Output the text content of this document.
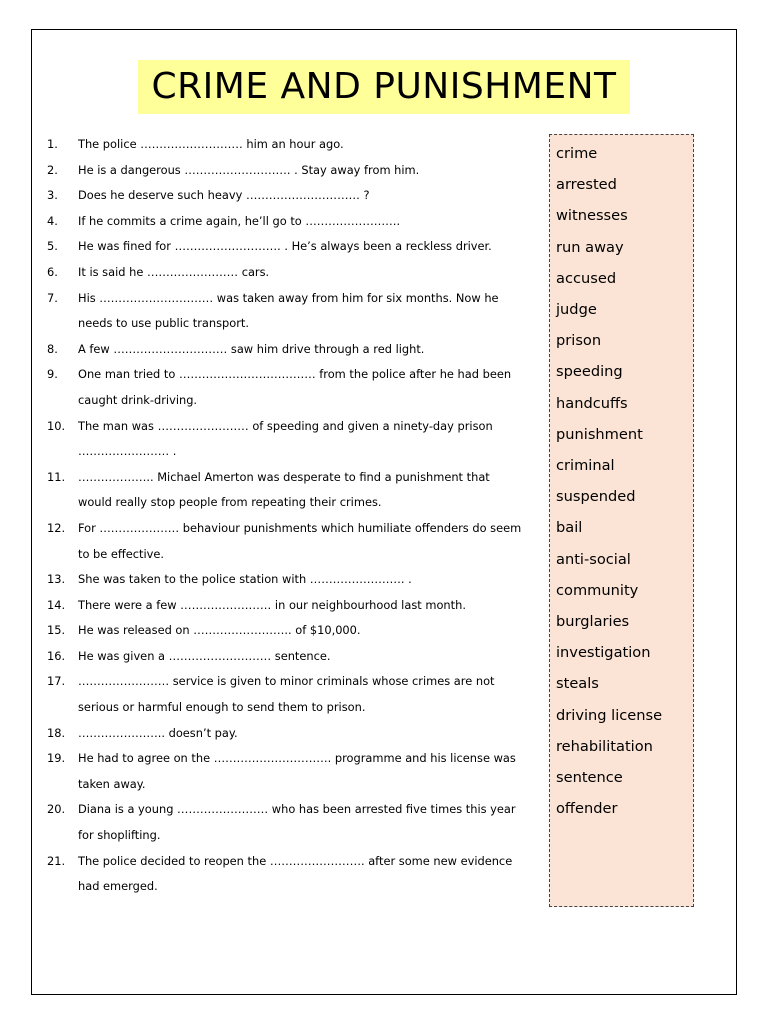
CRIME AND PUNISHMENT
1.	The police ……………………… him an hour ago.
2.	He is a dangerous ………………………. . Stay away from him.
3.	Does he deserve such heavy ………………………… ?
4.	If he commits a crime again, he’ll go to …………………….
5.	He was fined for ………………………. . He’s always been a reckless driver.
6.	It is said he …………………… cars.
7.	His ………………………… was taken away from him for six months. Now he needs to use public transport.
8.	A few ………………………… saw him drive through a red light.
9.	One man tried to ……………………………… from the police after he had been caught drink-driving.
10.	The man was …………………… of speeding and given a ninety-day prison …………………… .
11.	……………….. Michael Amerton was desperate to find a punishment that would really stop people from repeating their crimes.
12.	For ………………… behaviour punishments which humiliate offenders do seem to be effective.
13.	She was taken to the police station with ……………………. .
14.	There were a few …………………… in our neighbourhood last month.
15.	He was released on …………………….. of $10,000.
16.	He was given a ……………………… sentence.
17.	…………………… service is given to minor criminals whose crimes are not serious or harmful enough to send them to prison.
18.	………………….. doesn’t pay.
19.	He had to agree on the …………………………. programme and his license was taken away.
20.	Diana is a young …………………… who has been arrested five times this year for shoplifting.
21.	The police decided to reopen the ……………………. after some new evidence had emerged.
crime
arrested
witnesses
run away
accused
judge
prison
speeding
handcuffs
punishment
criminal
suspended
bail
anti-social
community
burglaries
investigation
steals
driving license
rehabilitation
sentence
offender
